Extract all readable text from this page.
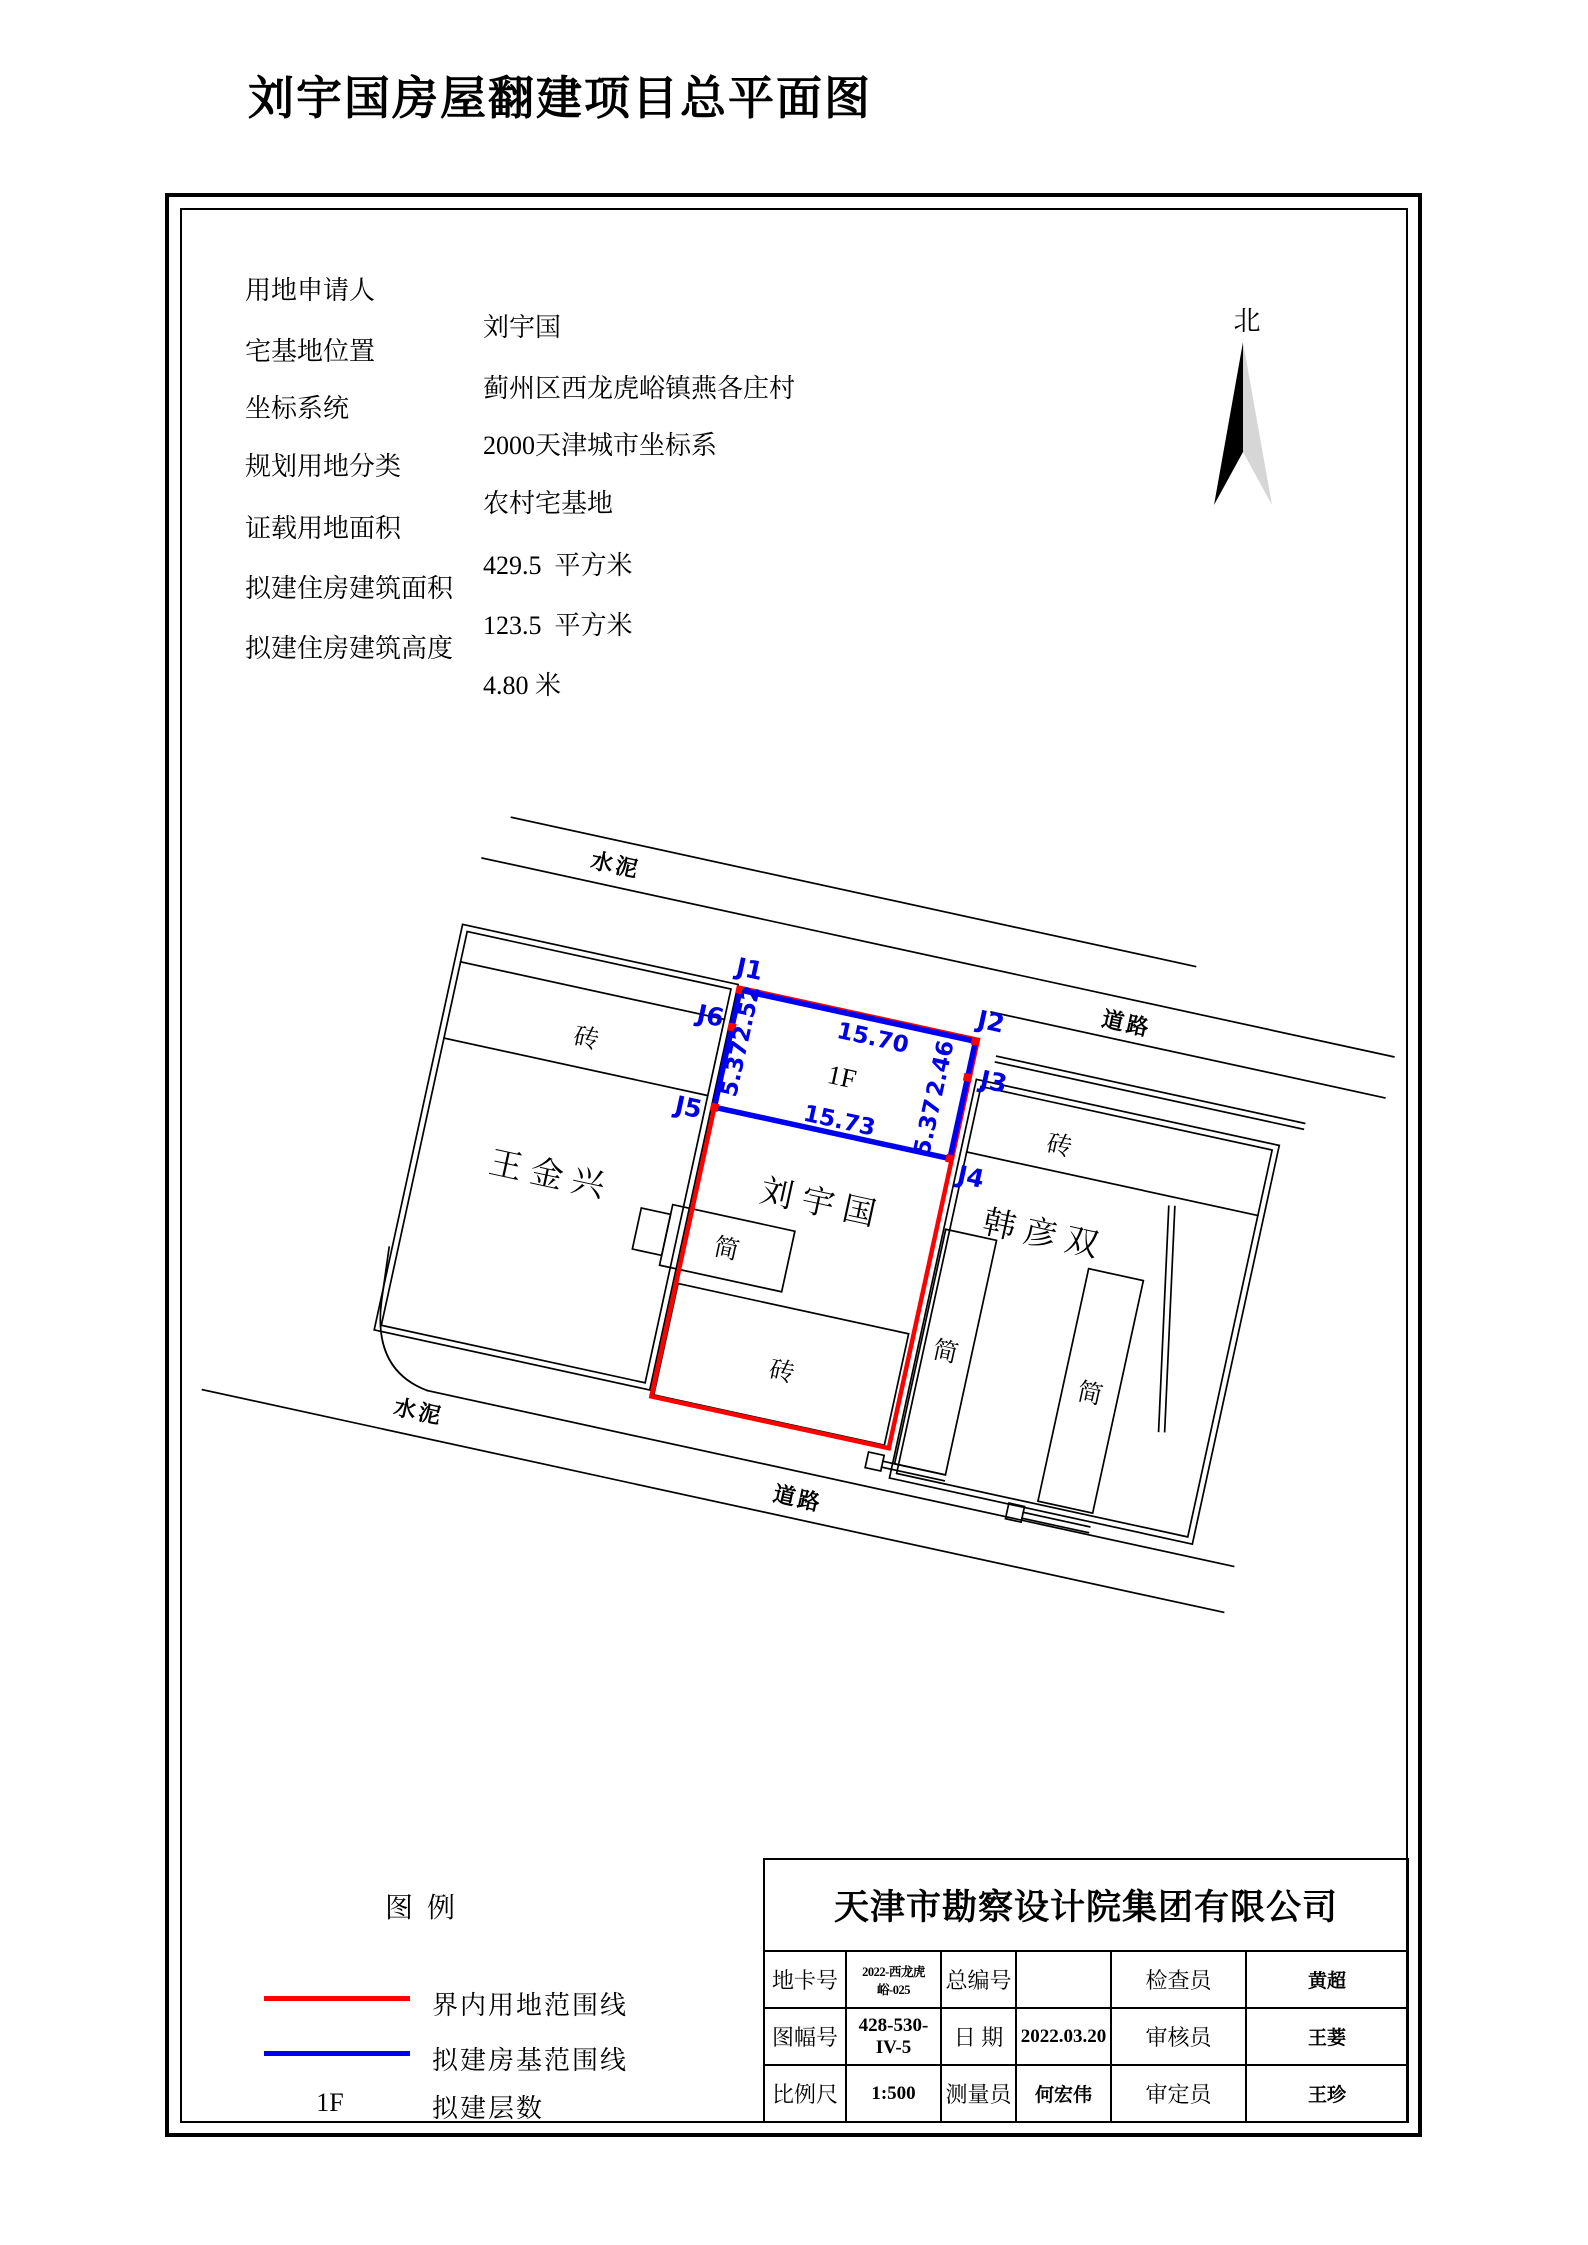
刘宇国房屋翻建项目总平面图

用地申请人

刘宇国

宅基地位置

蓟州区西龙虎峪镇燕各庄村

坐标系统

2000天津城市坐标系

规划用地分类

农村宅基地

证载用地面积

429.5  平方米

拟建住房建筑面积

123.5  平方米

拟建住房建筑高度

4.80 米

北
J1
J2
J3
J4
J5
J6
15.70
15.73
2.52
5.37	2.46
5.37
1F
王金兴	刘宇国
韩彦双
砖
砖
砖
简
简
简
水泥
道路
水泥
道路
图  例
界内用地范围线
拟建房基范围线
1F	拟建层数
天津市勘察设计院集团有限公司					
地卡号	2022-西龙虎峪-025	总编号		检查员	黄超
图幅号	428-530-IV-5	日 期	2022.03.20	审核员	王菨
比例尺	1:500	测量员	何宏伟	审定员	王珍
